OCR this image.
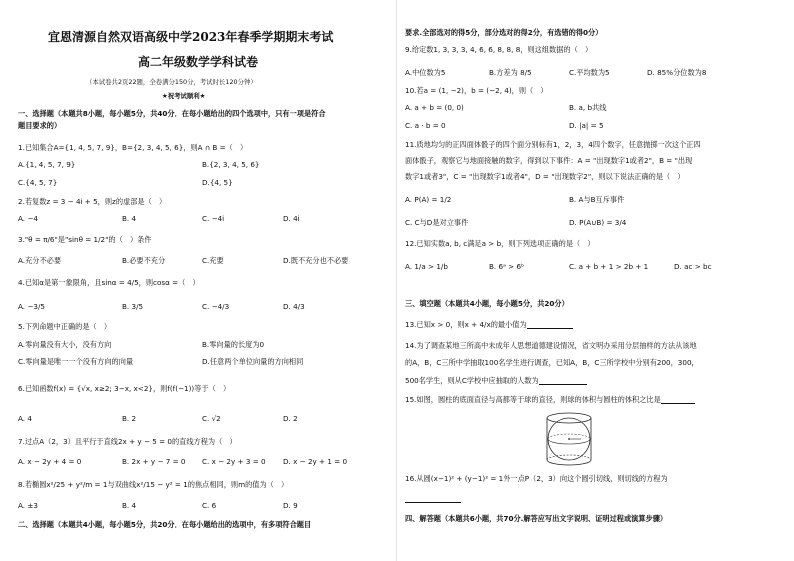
宜恩清源自然双语高级中学2023年春季学期期末考试
高二年级数学学科试卷
（本试卷共2页22题，全卷满分150分，考试时长120分钟）
★祝考试顺利★
一、选择题（本题共8小题，每小题5分，共40分．在每小题给出的四个选项中，只有一项是符合
题目要求的）
1.已知集合A={1, 4, 5, 7, 9}，B={2, 3, 4, 5, 6}，则A ∩ B =（　）
A.{1, 4, 5, 7, 9}	B.{2, 3, 4, 5, 6}
C.{4, 5, 7}	D.{4, 5}
2.若复数z = 3 − 4i + 5，则z的虚部是（　）
A. −4	B. 4	C. −4i	D. 4i
3."θ = π/6"是"sinθ = 1/2"的（　）条件
A.充分不必要	B.必要不充分	C.充要	D.既不充分也不必要
4.已知α是第一象限角，且sinα = 4/5，则cosα =（　）
A. −3/5	B. 3/5	C. −4/3	D. 4/3
5.下列命题中正确的是（　）
A.零向量没有大小，没有方向	B.零向量的长度为0
C.零向量是唯一一个没有方向的向量	D.任意两个单位向量的方向相同
6.已知函数f(x) = {√x, x≥2; 3−x, x<2}，则f(f(−1))等于（　）
A. 4	B. 2	C. √2	D. 2
7.过点A（2，3）且平行于直线2x + y − 5 = 0的直线方程为（　）
A. x − 2y + 4 = 0	B. 2x + y − 7 = 0 C. x − 2y + 3 = 0 D. x − 2y + 1 = 0
8.若椭圆x²/25 + y²/m = 1与双曲线x²/15 − y² = 1的焦点相同，则m的值为（　）
A. ±3	B. 4	C. 6	D. 9
二、选择题（本题共4小题，每小题5分，共20分．在每小题给出的选项中，有多项符合题目
要求.全部选对的得5分，部分选对的得2分，有选错的得0分）
9.给定数1, 3, 3, 3, 4, 6, 6, 8, 8, 8，则这组数据的（　）
A.中位数为5	B.方差为 8/5	C.平均数为5	D. 85%分位数为8
10.若a = (1, −2)，b = (−2, 4)，则（　）
A. a + b = (0, 0)	B. a, b共线
C. a · b = 0	D. |a| = 5
11.质地均匀的正四面体骰子的四个面分别标有1，2，3，4四个数字，任意抛掷一次这个正四
面体骰子，观察它与地面接触的数字，得到以下事件：A = "出现数字1或者2"，B = "出现
数字1或者3"，C = "出现数字1或者4"，D = "出现数字2"，则以下说法正确的是（　）
A. P(A) = 1/2	B. A与B互斥事件
C. C与D是对立事件	D. P(A∪B) = 3/4
12.已知实数a, b, c满足a > b，则下列选项正确的是（　）
A. 1/a > 1/b	B. 6ᵃ > 6ᵇ	C. a + b + 1 > 2b + 1	D. ac > bc
三、填空题（本题共4小题，每小题5分，共20分）
13.已知x > 0，则x + 4/x的最小值为
14.为了调查某地三所高中未成年人思想道德建设情况，省文明办采用分层抽样的方法从该地
的A，B，C三所中学抽取100名学生进行调查，已知A，B，C三所学校中分别有200，300，
500名学生，则从C学校中应抽取的人数为
15.如图，圆柱的底面直径与高都等于球的直径，则球的体积与圆柱的体积之比是
16.从圆(x−1)² + (y−1)² = 1外一点P（2，3）向这个圆引切线，则切线的方程为
四、解答题（本题共6小题，共70分.解答应写出文字说明、证明过程或演算步骤）
